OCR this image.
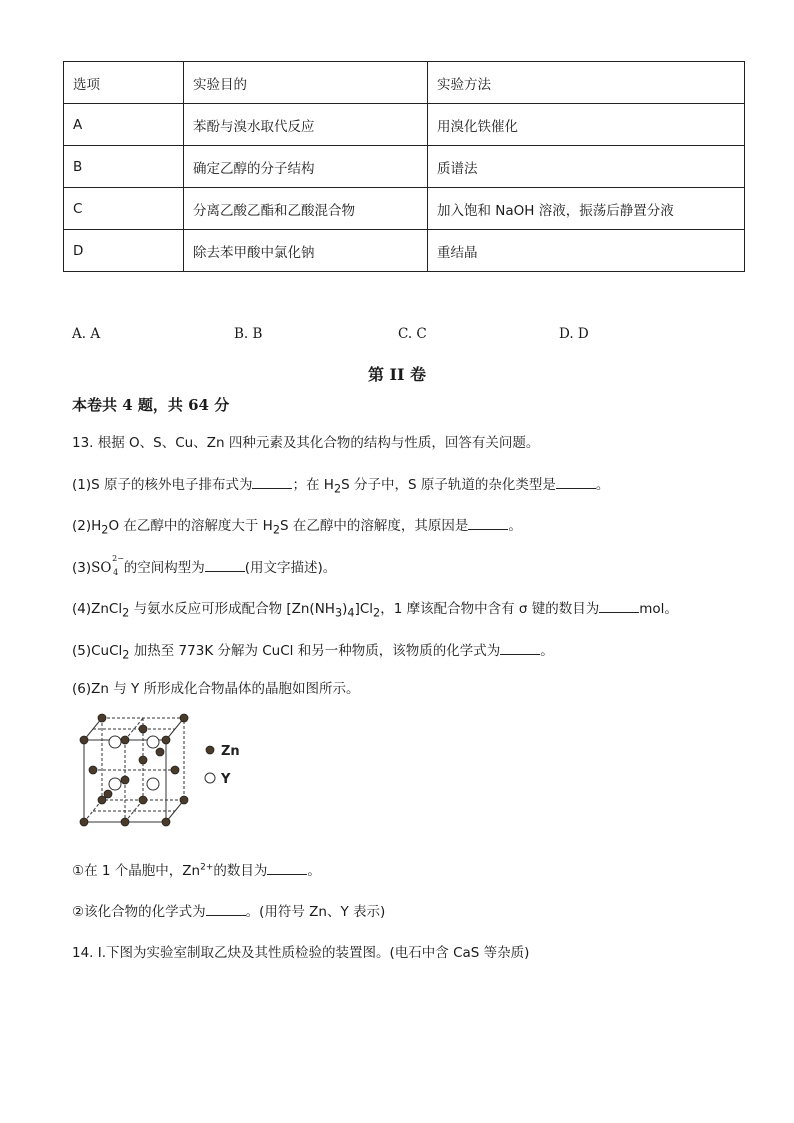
选项	实验目的	实验方法
A	苯酚与溴水取代反应	用溴化铁催化
B	确定乙醇的分子结构	质谱法
C	分离乙酸乙酯和乙酸混合物	加入饱和 NaOH 溶液，振荡后静置分液
D	除去苯甲酸中氯化钠	重结晶
A. A	B. B	C. C	D. D
第 II 卷
本卷共 4 题，共 64 分
13. 根据 O、S、Cu、Zn 四种元素及其化合物的结构与性质，回答有关问题。
(1)S 原子的核外电子排布式为	；在 $H_2S$ 分子中，S 原子轨道的杂化类型是	。
$(2)H_2O$ 在乙醇中的溶解度大于 $H_2S$ 在乙醇中的溶解度，其原因是	。
(3)SO
2−
4 的空间构型为	(用文字描述)。
(4)ZnCl$_2$ 与氨水反应可形成配合物 $[Zn(NH_3)_4]Cl_2$，1 摩该配合物中含有 σ 键的数目为	mol。
(5)CuCl$_2$ 加热至 773K 分解为 CuCl 和另一种物质，该物质的化学式为	。
(6)Zn 与 Y 所形成化合物晶体的晶胞如图所示。
Zn
Y
①在 1 个晶胞中，$Zn^{2+}$的数目为	。
②该化合物的化学式为	。(用符号 Zn、Y 表示)
14. I.下图为实验室制取乙炔及其性质检验的装置图。(电石中含 CaS 等杂质)
